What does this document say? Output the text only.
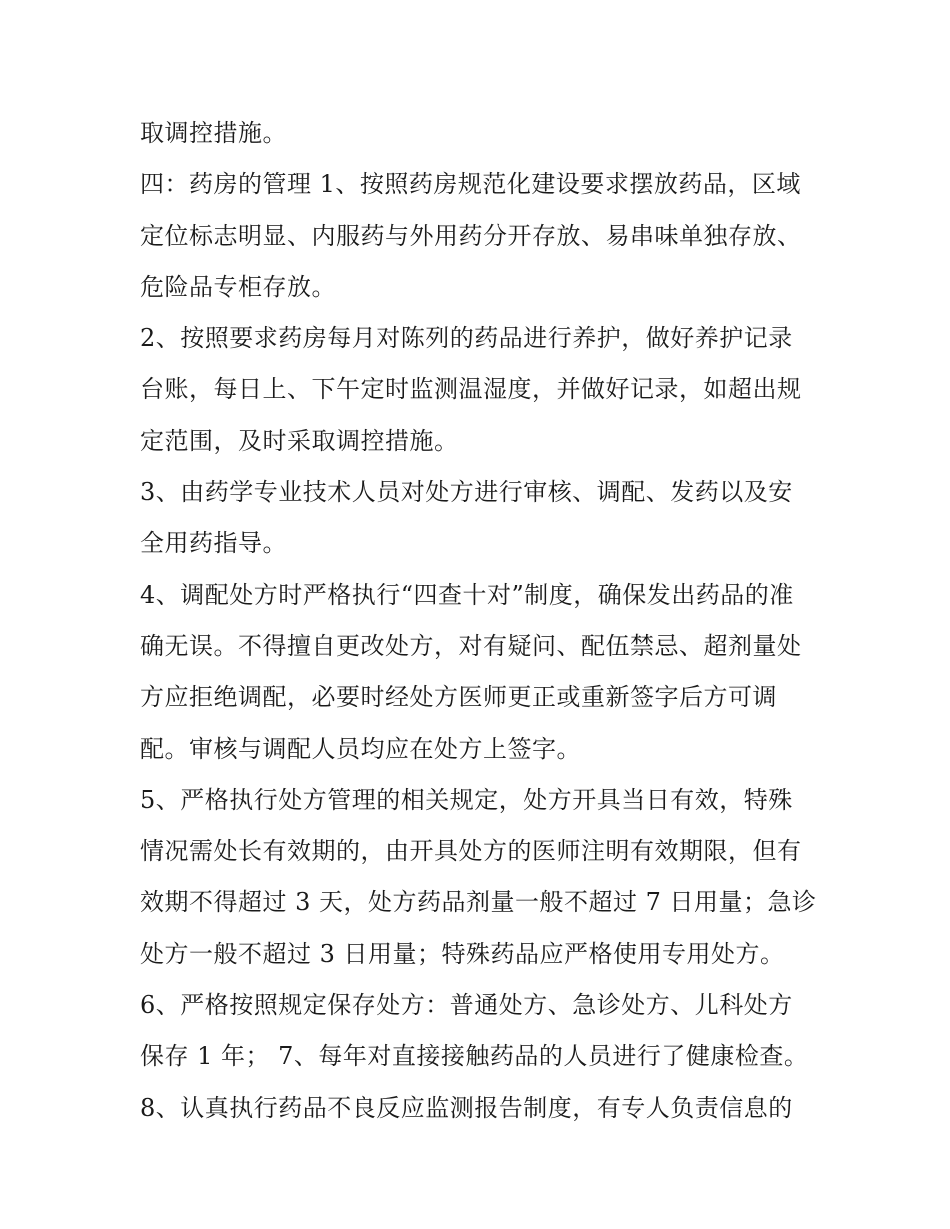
取调控措施。
四：药房的管理 1、按照药房规范化建设要求摆放药品，区域
定位标志明显、内服药与外用药分开存放、易串味单独存放、
危险品专柜存放。
2、按照要求药房每月对陈列的药品进行养护，做好养护记录
台账，每日上、下午定时监测温湿度，并做好记录，如超出规
定范围，及时采取调控措施。
3、由药学专业技术人员对处方进行审核、调配、发药以及安
全用药指导。
4、调配处方时严格执行“四查十对”制度，确保发出药品的准
确无误。不得擅自更改处方，对有疑问、配伍禁忌、超剂量处
方应拒绝调配，必要时经处方医师更正或重新签字后方可调
配。审核与调配人员均应在处方上签字。
5、严格执行处方管理的相关规定，处方开具当日有效，特殊
情况需处长有效期的，由开具处方的医师注明有效期限，但有
效期不得超过 3 天，处方药品剂量一般不超过 7 日用量；急诊
处方一般不超过 3 日用量；特殊药品应严格使用专用处方。
6、严格按照规定保存处方：普通处方、急诊处方、儿科处方
保存 1 年； 7、每年对直接接触药品的人员进行了健康检查。
8、认真执行药品不良反应监测报告制度，有专人负责信息的
